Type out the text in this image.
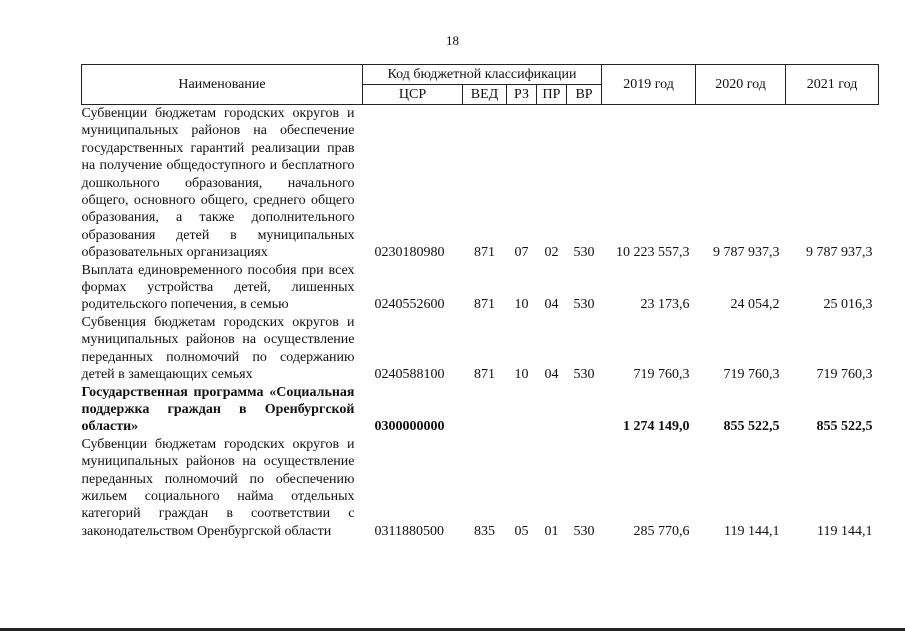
18
Наименование	Код бюджетной классификации					2019 год	2020 год	2021 год
	ЦСР	ВЕД	РЗ	ПР	ВР			
Субвенции бюджетам городских округов и муниципальных районов на обеспечение государственных гарантий реализации прав на получение общедоступного и бесплатного дошкольного образования, начального общего, основного общего, среднего общего образования, а также дополнительного образования детей в муниципальных образовательных организациях	0230180980	871	07	02	530	10 223 557,3	9 787 937,3	9 787 937,3
Выплата единовременного пособия при всех формах устройства детей, лишенных родительского попечения, в семью	0240552600	871	10	04	530	23 173,6	24 054,2	25 016,3
Субвенция бюджетам городских округов и муниципальных районов на осуществление переданных полномочий по содержанию детей в замещающих семьях	0240588100	871	10	04	530	719 760,3	719 760,3	719 760,3
Государственная программа «Социальная поддержка граждан в Оренбургской области»	0300000000					1 274 149,0	855 522,5	855 522,5
Субвенции бюджетам городских округов и муниципальных районов на осуществление переданных полномочий по обеспечению жильем социального найма отдельных категорий граждан в соответствии с законодательством Оренбургской области	0311880500	835	05	01	530	285 770,6	119 144,1	119 144,1
